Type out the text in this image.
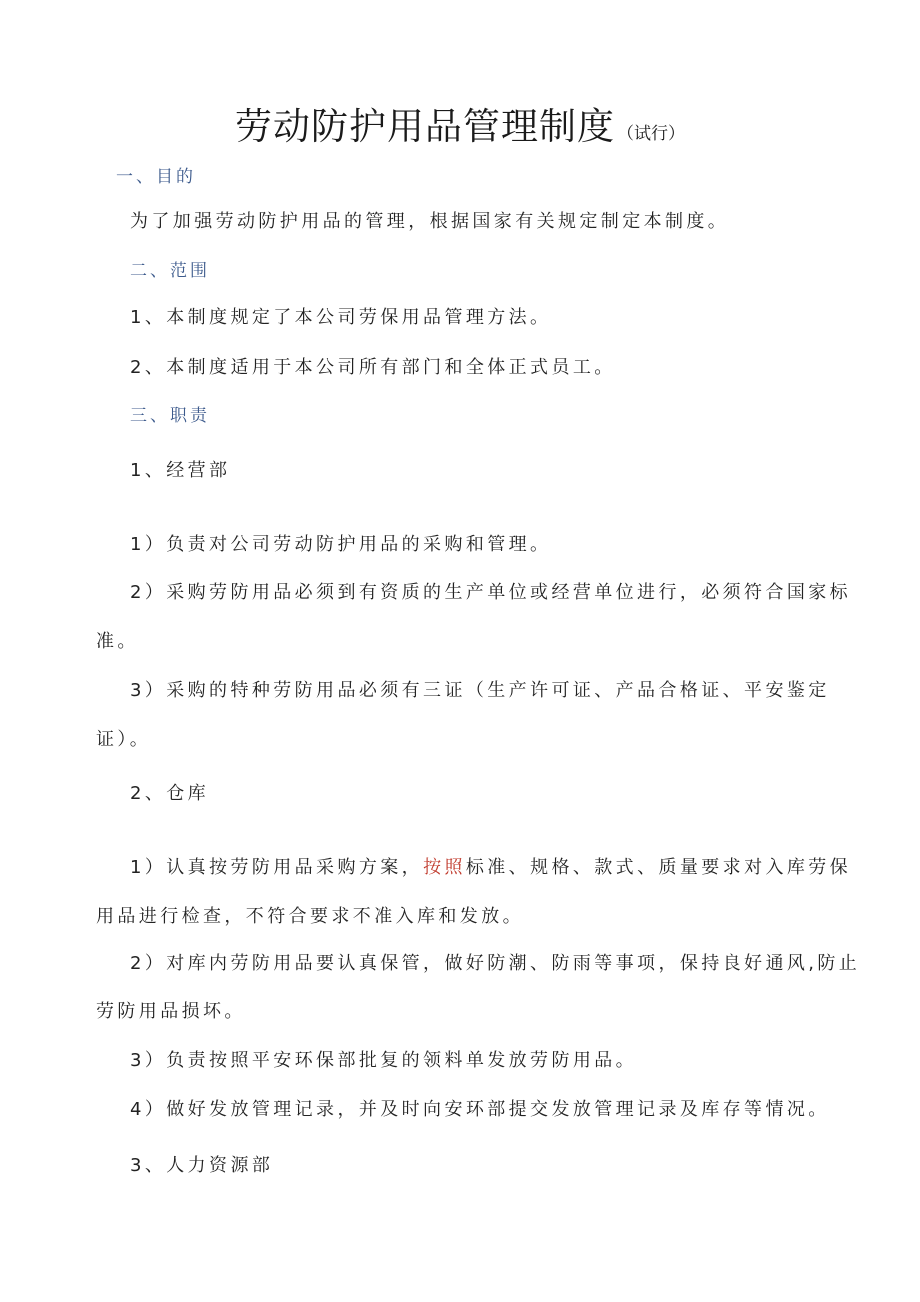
劳动防护用品管理制度 （试行）
一、目的
为了加强劳动防护用品的管理，根据国家有关规定制定本制度。
二、范围
1、本制度规定了本公司劳保用品管理方法。
2、本制度适用于本公司所有部门和全体正式员工。
三、职责
1、经营部
1）负责对公司劳动防护用品的采购和管理。
2）采购劳防用品必须到有资质的生产单位或经营单位进行，必须符合国家标
准。
3）采购的特种劳防用品必须有三证（生产许可证、产品合格证、平安鉴定
证）。
2、仓库
1）认真按劳防用品采购方案，按照标准、规格、款式、质量要求对入库劳保
用品进行检查，不符合要求不准入库和发放。
2）对库内劳防用品要认真保管，做好防潮、防雨等事项，保持良好通风,防止
劳防用品损坏。
3）负责按照平安环保部批复的领料单发放劳防用品。
4）做好发放管理记录，并及时向安环部提交发放管理记录及库存等情况。
3、人力资源部
